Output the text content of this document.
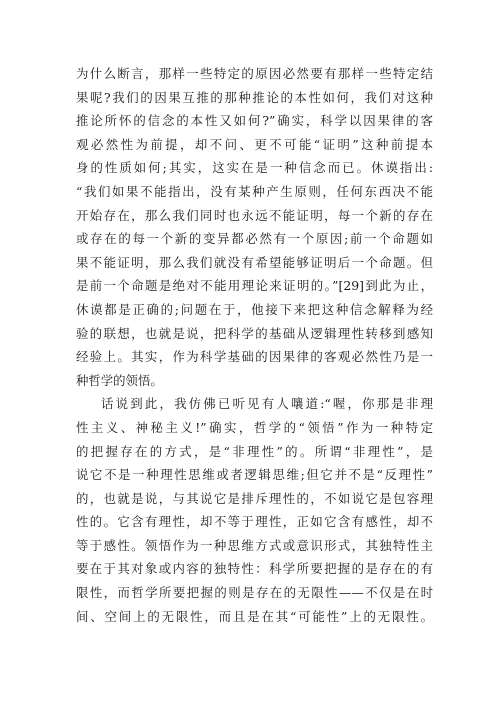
为什么断言，那样一些特定的原因必然要有那样一些特定结
果呢?我们的因果互推的那种推论的本性如何，我们对这种
推论所怀的信念的本性又如何?”确实，科学以因果律的客
观必然性为前提，却不问、更不可能“证明”这种前提本
身的性质如何;其实，这实在是一种信念而已。休谟指出:
“我们如果不能指出，没有某种产生原则，任何东西决不能
开始存在，那么我们同时也永远不能证明，每一个新的存在
或存在的每一个新的变异都必然有一个原因;前一个命题如
果不能证明，那么我们就没有希望能够证明后一个命题。但
是前一个命题是绝对不能用理论来证明的。”[29]到此为止，
休谟都是正确的;问题在于，他接下来把这种信念解释为经
验的联想，也就是说，把科学的基础从逻辑理性转移到感知
经验上。其实，作为科学基础的因果律的客观必然性乃是一
种哲学的领悟。

话说到此，我仿佛已听见有人嚷道:“喔，你那是非理
性主义、神秘主义!”确实，哲学的“领悟”作为一种特定
的把握存在的方式，是“非理性”的。所谓“非理性”，是
说它不是一种理性思维或者逻辑思维;但它并不是“反理性”
的，也就是说，与其说它是排斥理性的，不如说它是包容理
性的。它含有理性，却不等于理性，正如它含有感性，却不
等于感性。领悟作为一种思维方式或意识形式，其独特性主
要在于其对象或内容的独特性：科学所要把握的是存在的有
限性，而哲学所要把握的则是存在的无限性——不仅是在时
间、空间上的无限性，而且是在其“可能性”上的无限性。
